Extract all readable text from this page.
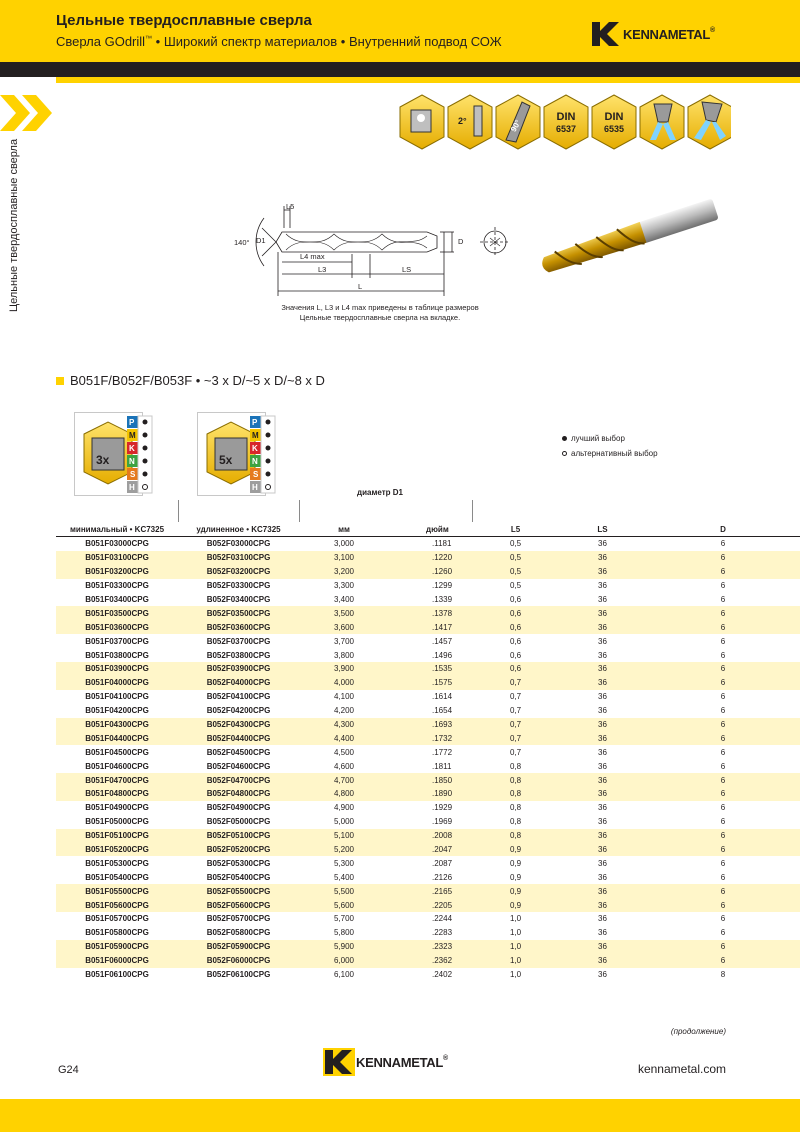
Цельные твердосплавные сверла
Сверла GOdrill™ • Широкий спектр материалов • Внутренний подвод СОЖ	KENNAMETAL®
Цельные твердосплавные сверла
2°	90°
DIN
6537
DIN
6535
140° D1
L5
L4 max
L3	LS
L
D
Значения L, L3 и L4 max приведены в таблице размеров
Цельные твердосплавные сверла на вкладке.
B051F/B052F/B053F • ~3 x D/~5 x D/~8 x D
3x
P
M
K
N
S
H
5x
P
M
K
N
S
H
лучший выбор
альтернативный выбор
диаметр D1
минимальный • KC7325	удлиненное • KC7325	мм	дюйм	L5	LS	D
B051F03000CPG	B052F03000CPG	3,000	.1181	0,5	36	6
B051F03100CPG	B052F03100CPG	3,100	.1220	0,5	36	6
B051F03200CPG	B052F03200CPG	3,200	.1260	0,5	36	6
B051F03300CPG	B052F03300CPG	3,300	.1299	0,5	36	6
B051F03400CPG	B052F03400CPG	3,400	.1339	0,6	36	6
B051F03500CPG	B052F03500CPG	3,500	.1378	0,6	36	6
B051F03600CPG	B052F03600CPG	3,600	.1417	0,6	36	6
B051F03700CPG	B052F03700CPG	3,700	.1457	0,6	36	6
B051F03800CPG	B052F03800CPG	3,800	.1496	0,6	36	6
B051F03900CPG	B052F03900CPG	3,900	.1535	0,6	36	6
B051F04000CPG	B052F04000CPG	4,000	.1575	0,7	36	6
B051F04100CPG	B052F04100CPG	4,100	.1614	0,7	36	6
B051F04200CPG	B052F04200CPG	4,200	.1654	0,7	36	6
B051F04300CPG	B052F04300CPG	4,300	.1693	0,7	36	6
B051F04400CPG	B052F04400CPG	4,400	.1732	0,7	36	6
B051F04500CPG	B052F04500CPG	4,500	.1772	0,7	36	6
B051F04600CPG	B052F04600CPG	4,600	.1811	0,8	36	6
B051F04700CPG	B052F04700CPG	4,700	.1850	0,8	36	6
B051F04800CPG	B052F04800CPG	4,800	.1890	0,8	36	6
B051F04900CPG	B052F04900CPG	4,900	.1929	0,8	36	6
B051F05000CPG	B052F05000CPG	5,000	.1969	0,8	36	6
B051F05100CPG	B052F05100CPG	5,100	.2008	0,8	36	6
B051F05200CPG	B052F05200CPG	5,200	.2047	0,9	36	6
B051F05300CPG	B052F05300CPG	5,300	.2087	0,9	36	6
B051F05400CPG	B052F05400CPG	5,400	.2126	0,9	36	6
B051F05500CPG	B052F05500CPG	5,500	.2165	0,9	36	6
B051F05600CPG	B052F05600CPG	5,600	.2205	0,9	36	6
B051F05700CPG	B052F05700CPG	5,700	.2244	1,0	36	6
B051F05800CPG	B052F05800CPG	5,800	.2283	1,0	36	6
B051F05900CPG	B052F05900CPG	5,900	.2323	1,0	36	6
B051F06000CPG	B052F06000CPG	6,000	.2362	1,0	36	6
B051F06100CPG	B052F06100CPG	6,100	.2402	1,0	36	8
(продолжение)
G24
KENNAMETAL®
kennametal.com
